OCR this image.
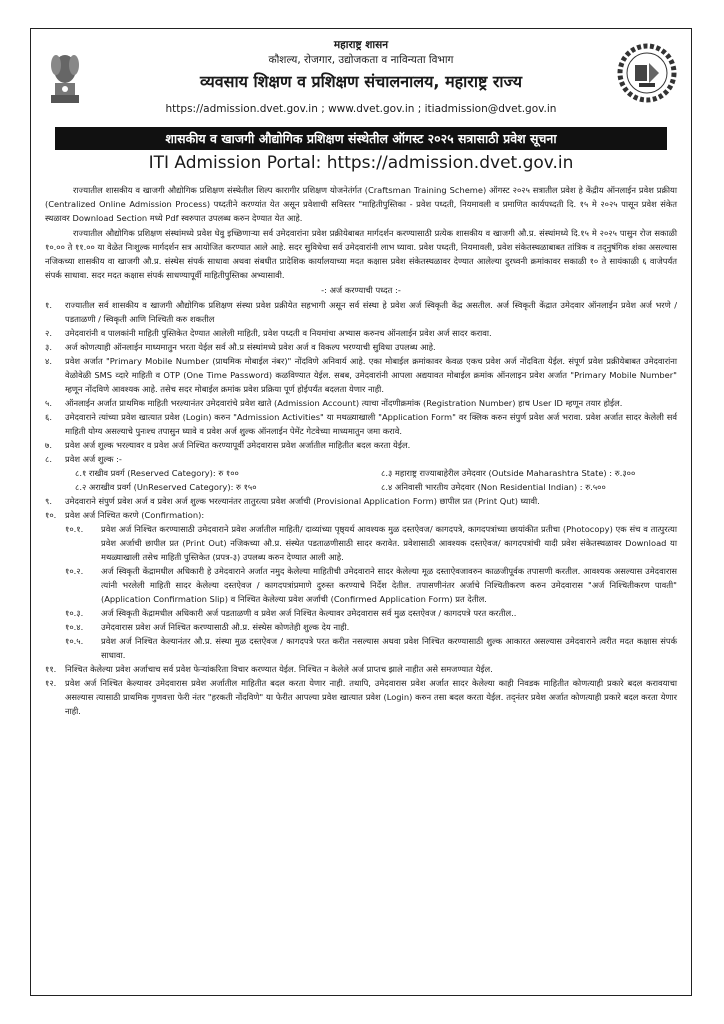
महाराष्ट्र शासन
कौशल्य, रोजगार, उद्योजकता व नाविन्यता विभाग
व्यवसाय शिक्षण व प्रशिक्षण संचालनालय, महाराष्ट्र राज्य
https://admission.dvet.gov.in ; www.dvet.gov.in ; itiadmission@dvet.gov.in
शासकीय व खाजगी औद्योगिक प्रशिक्षण संस्थेतील ऑगस्ट २०२५ सत्रासाठी प्रवेश सूचना
ITI Admission Portal: https://admission.dvet.gov.in

राज्यातील शासकीय व खाजगी औद्योगिक प्रशिक्षण संस्थेतील शिल्प कारागीर प्रशिक्षण योजनेतंर्गत (Craftsman Training Scheme) ऑगस्ट २०२५ सत्रातील प्रवेश हे केंद्रीय ऑनलाईन प्रवेश प्रक्रीया (Centralized Online Admission Process) पध्दतीने करण्यांत येत असून प्रवेशाची सविस्तर "माहितीपुस्तिका - प्रवेश पध्दती, नियमावली व प्रमाणित कार्यपध्दती दि. १५ मे २०२५ पासून प्रवेश संकेत स्थळावर Download Section मध्ये Pdf स्वरुपात उपलब्ध करुन देण्यात येत आहे.

राज्यातील औद्योगिक प्रशिक्षण संस्थांमध्ये प्रवेश घेवु इच्छिणाऱ्या सर्व उमेदवारांना प्रवेश प्रक्रीयेबाबत मार्गदर्शन करण्यासाठी प्रत्येक शासकीय व खाजगी औ.प्र. संस्थांमध्ये दि.१५ मे २०२५ पासुन रोज सकाळी १०.०० ते ११.०० या वेळेत निःशुल्क मार्गदर्शन सत्र आयोजित करण्यात आले आहे. सदर सुविधेचा सर्व उमेदवारांनी लाभ घ्यावा. प्रवेश पध्दती, नियमावली, प्रवेश संकेतस्थळाबाबत तांत्रिक व तद्नुषंगिक शंका असल्यास नजिकच्या शासकीय वा खाजगी औ.प्र. संस्थेस संपर्क साधावा अथवा संबधीत प्रादेशिक कार्यालयाच्या मदत कक्षास प्रवेश संकेतस्थळावर देण्यात आलेल्या दुरध्वनी क्रमांकावर सकाळी १० ते सायंकाळी ६ वाजेपर्यंत संपर्क साधावा. सदर मदत कक्षास संपर्क साधण्यापूर्वी माहितीपुस्तिका अभ्यासावी.

-: अर्ज करण्याची पध्दत :-
१.	राज्यातील सर्व शासकीय व खाजगी औद्योगिक प्रशिक्षण संस्था प्रवेश प्रक्रीयेत सहभागी असून सर्व संस्था हे प्रवेश अर्ज स्विकृती केंद्र असतील. अर्ज स्विकृती केंद्रात उमेदवार ऑनलाईन प्रवेश अर्ज भरणे / पडताळणी / स्विकृती आणि निश्चिती करु शकतील
२.	उमेदवारांनी व पालकांनी माहिती पुस्तिकेत देण्यात आलेली माहिती, प्रवेश पध्दती व नियमांचा अभ्यास करुनच ऑनलाईन प्रवेश अर्ज सादर करावा.
३.	अर्ज कोणत्याही ऑनलाईन माध्यमातुन भरता येईल सर्व औ.प्र संस्थांमध्ये प्रवेश अर्ज व विकल्प भरण्याची सुविधा उपलब्ध आहे.
४.	प्रवेश अर्जात "Primary Mobile Number (प्राथमिक मोबाईल नंबर)" नोंदविणे अनिवार्य आहे. एका मोबाईल क्रमांकावर केवळ एकच प्रवेश अर्ज नोंदविता येईल. संपूर्ण प्रवेश प्रक्रीयेबाबत उमेदवारांना वेळोवेळी SMS व्दारे माहिती व OTP (One Time Password) कळविण्यात येईल. सबब, उमेदवारांनी आपला अद्ययावत मोबाईल क्रमांक ऑनलाइन प्रवेश अर्जात "Primary Mobile Number" म्हणून नोंदविणे आवश्यक आहे. तसेच सदर मोबाईल क्रमांक प्रवेश प्रक्रिया पूर्ण होईपर्यंत बदलता येणार नाही.
५.	ऑनलाईन अर्जात प्राथमिक माहिती भरल्यानंतर उमेदवारांचे प्रवेश खाते (Admission Account) त्याचा नोंदणीक्रमांक (Registration Number) हाच User ID म्हणून तयार होईल.
६.	उमेदवाराने त्यांच्या प्रवेश खात्यात प्रवेश (Login) करुन "Admission Activities" या मथळ्याखाली "Application Form" वर क्लिक करुन संपुर्ण प्रवेश अर्ज भरावा. प्रवेश अर्जात सादर केलेली सर्व माहिती योग्य असल्याचे पुनःश्च तपासुन घ्यावे व प्रवेश अर्ज शुल्क ऑनलाईन पेमेंट गेटवेच्या माध्यमातुन जमा करावे.
७.	प्रवेश अर्ज शुल्क भरल्यावर व प्रवेश अर्ज निश्चित करण्यापूर्वी उमेदवारास प्रवेश अर्जातील माहितीत बदल करता येईल.
८.	प्रवेश अर्ज शुल्क :-
८.१ राखीव प्रवर्ग (Reserved Category): रु १००	८.३ महाराष्ट्र राज्याबाहेरील उमेदवार (Outside Maharashtra State) : रु.३००
८.२ अराखीव प्रवर्ग (UnReserved Category): रु १५०	८.४ अनिवासी भारतीय उमेदवार (Non Residential Indian) : रु.५००
९.	उमेदवाराने संपुर्ण प्रवेश अर्ज व प्रवेश अर्ज शुल्क भरल्यानंतर तातुरत्या प्रवेश अर्जाची (Provisional Application Form) छापील प्रत (Print Qut) घ्यावी.
१०.	प्रवेश अर्ज निश्चित करणे (Confirmation):
१०.१.	प्रवेश अर्ज निश्चित करण्यासाठी उमेदवाराने प्रवेश अर्जातील माहिती/ दाव्यांच्या पृष्ठ्यर्थ आवश्यक मुळ दस्तऐवज/ कागदपत्रे, कागदपत्रांच्या छायांकीत प्रतीचा (Photocopy) एक संच व तात्पुरत्या प्रवेश अर्जाची छापील प्रत (Print Out) नजिकच्या औ.प्र. संस्थेत पडताळणीसाठी सादर करावेत. प्रवेशासाठी आवश्यक दस्तऐवज/ कागदपत्रांची यादी प्रवेश संकेतस्थळावर Download या मथळ्याखाली तसेच माहिती पुस्तिकेत (प्रपत्र-३) उपलब्ध करुन देण्यात आली आहे.
१०.२.	अर्ज स्विकृती केंद्रामधील अधिकारी हे उमेदवाराने अर्जात नमुद केलेल्या माहितीची उमेदवाराने सादर केलेल्या मूळ दस्ताऐवजावरुन काळजीपूर्वक तपासणी करतील. आवश्यक असल्यास उमेदवारास त्यांनी भरलेली माहिती सादर केलेल्या दस्तऐवज / कागदपत्रांप्रमाणे दुरुस्त करण्याचे निर्देश देतील. तपासणीनंतर अर्जाचे निश्चितीकरण करुन उमेदवारास "अर्ज निश्चितीकरण पावती" (Application Confirmation Slip) व निश्चित केलेल्या प्रवेश अर्जाची (Confirmed Application Form) प्रत देतील.
१०.३.	अर्ज स्विकृती केंद्रामधील अधिकारी अर्ज पडताळणी व प्रवेश अर्ज निश्चित केल्यावर उमेदवारास सर्व मुळ दस्तऐवज / कागदपत्रे परत करतील..
१०.४.	उमेदवारास प्रवेश अर्ज निश्चित करण्यासाठी औ.प्र. संस्थेस कोणतेही शुल्क देय नाही.
१०.५.	प्रवेश अर्ज निश्चित केल्यानंतर औ.प्र. संस्था मुळ दस्तऐवज / कागदपत्रे परत करीत नसल्यास अथवा प्रवेश निश्चित करण्यासाठी शुल्क आकारत असल्यास उमेदवाराने त्वरीत मदत कक्षास संपर्क साधावा.
११.	निश्चित केलेल्या प्रवेश अर्जाचाच सर्व प्रवेश फेऱ्यांकरिता विचार करण्यात येईल. निश्चित न केलेले अर्ज प्राप्तच झाले नाहीत असे समजण्यात येईल.
१२.	प्रवेश अर्ज निश्चित केल्यावर उमेदवारास प्रवेश अर्जातील माहितीत बदल करता येणार नाही. तथापि, उमेदवारास प्रवेश अर्जात सादर केलेल्या काही निवडक माहितीत कोणत्याही प्रकारे बदल करावयाचा असल्यास त्यासाठी प्राथमिक गुणवत्ता फेरी नंतर "हरकती नोंदविणे" या फेरीत आपल्या प्रवेश खात्यात प्रवेश (Login) करुन तसा बदल करता येईल. तद्नंतर प्रवेश अर्जात कोणत्याही प्रकारे बदल करता येणार नाही.
